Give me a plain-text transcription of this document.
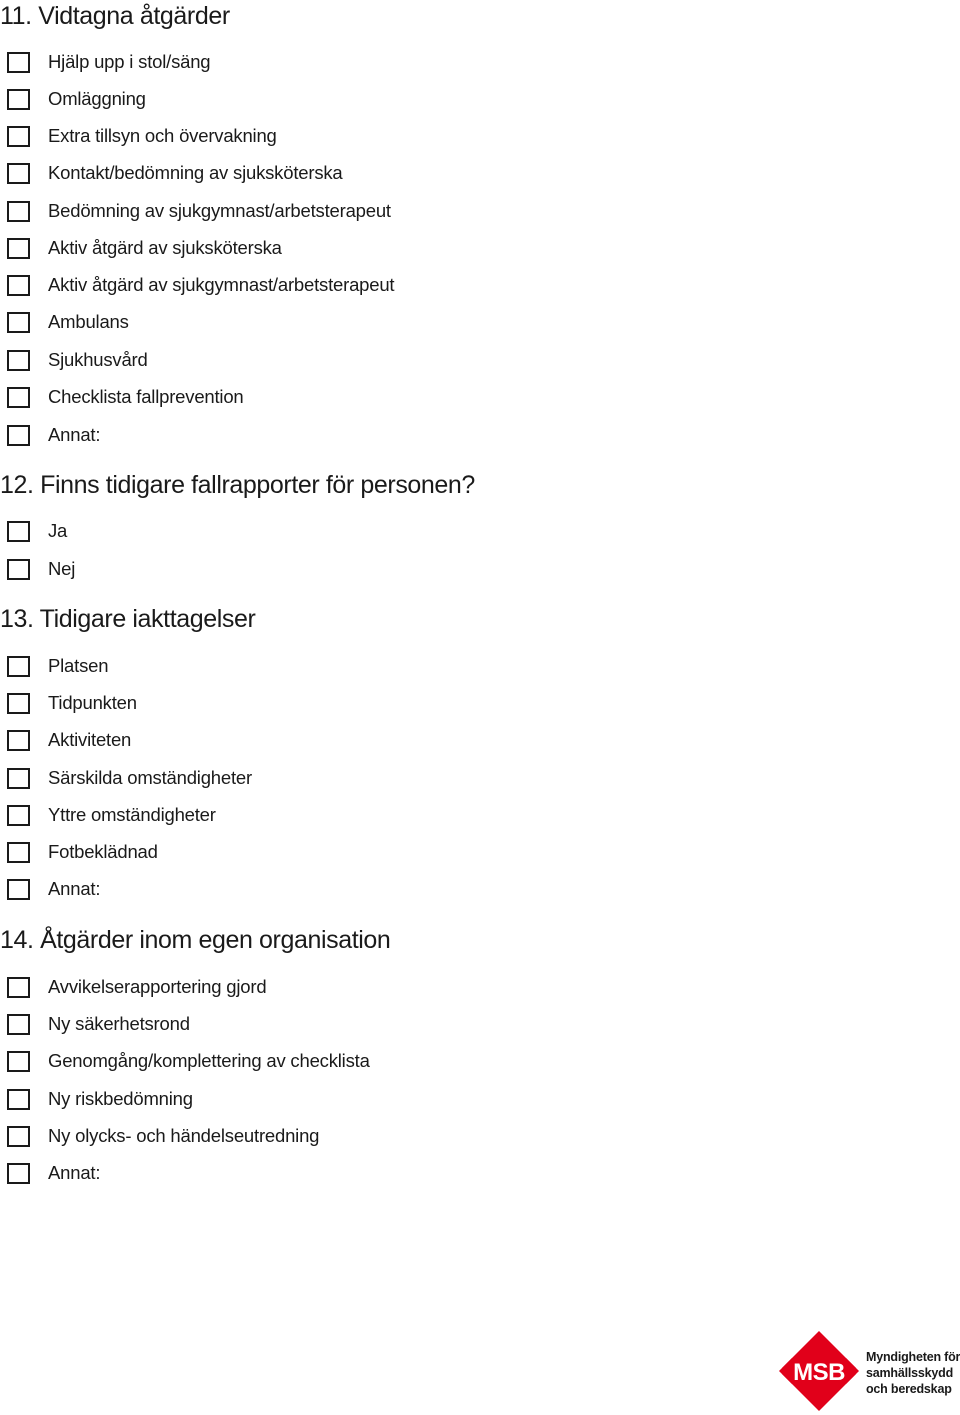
11. Vidtagna åtgärder
Hjälp upp i stol/säng
Omläggning
Extra tillsyn och övervakning
Kontakt/bedömning av sjuksköterska
Bedömning av sjukgymnast/arbetsterapeut
Aktiv åtgärd av sjuksköterska
Aktiv åtgärd av sjukgymnast/arbetsterapeut
Ambulans
Sjukhusvård
Checklista fallprevention
Annat:
12. Finns tidigare fallrapporter för personen?
Ja
Nej
13. Tidigare iakttagelser
Platsen
Tidpunkten
Aktiviteten
Särskilda omständigheter
Yttre omständigheter
Fotbeklädnad
Annat:
14. Åtgärder inom egen organisation
Avvikelserapportering gjord
Ny säkerhetsrond
Genomgång/komplettering av checklista
Ny riskbedömning
Ny olycks- och händelseutredning
Annat:
MSB
Myndigheten för
samhällsskydd
och beredskap
